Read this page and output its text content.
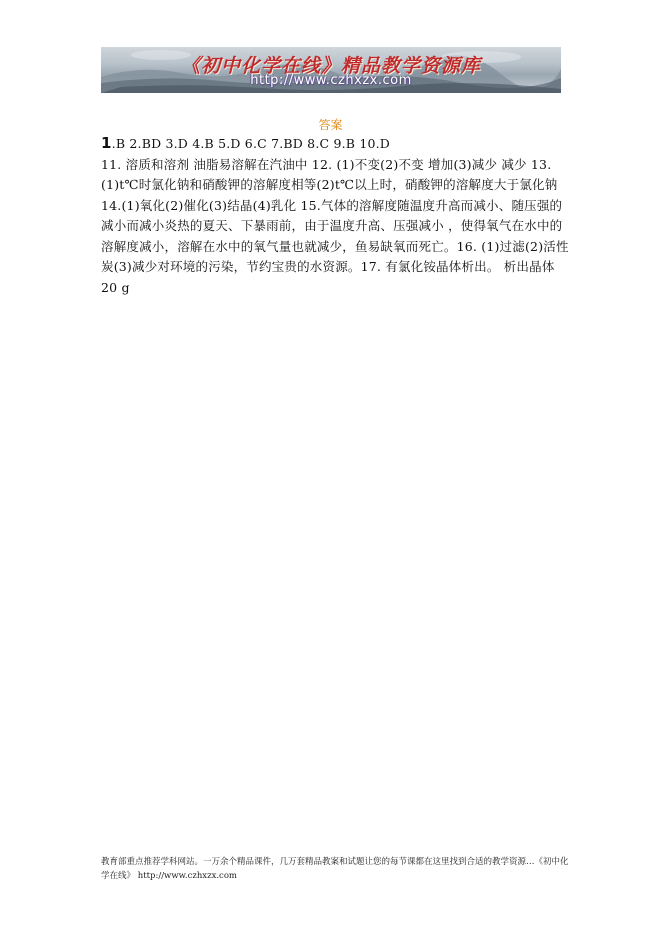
《初中化学在线》精品教学资源库
http://www.czhxzx.com
答案

1.B 2.BD 3.D 4.B 5.D 6.C 7.BD 8.C 9.B 10.D

11. 溶质和溶剂 油脂易溶解在汽油中 12. (1)不变(2)不变 增加(3)减少 减少 13. (1)t℃时氯化钠和硝酸钾的溶解度相等(2)t℃以上时，硝酸钾的溶解度大于氯化钠 14.(1)氧化(2)催化(3)结晶(4)乳化 15.气体的溶解度随温度升高而减小、随压强的减小而减小炎热的夏天、下暴雨前，由于温度升高、压强减小 ，使得氧气在水中的溶解度减小，溶解在水中的氧气量也就减少，鱼易缺氧而死亡。16. (1)过滤(2)活性炭(3)减少对环境的污染，节约宝贵的水资源。17. 有氯化铵晶体析出。 析出晶体 20 g

教育部重点推荐学科网站。一万余个精品课件，几万套精品教案和试题让您的每节课都在这里找到合适的教学资源…《初中化学在线》 http://www.czhxzx.com
